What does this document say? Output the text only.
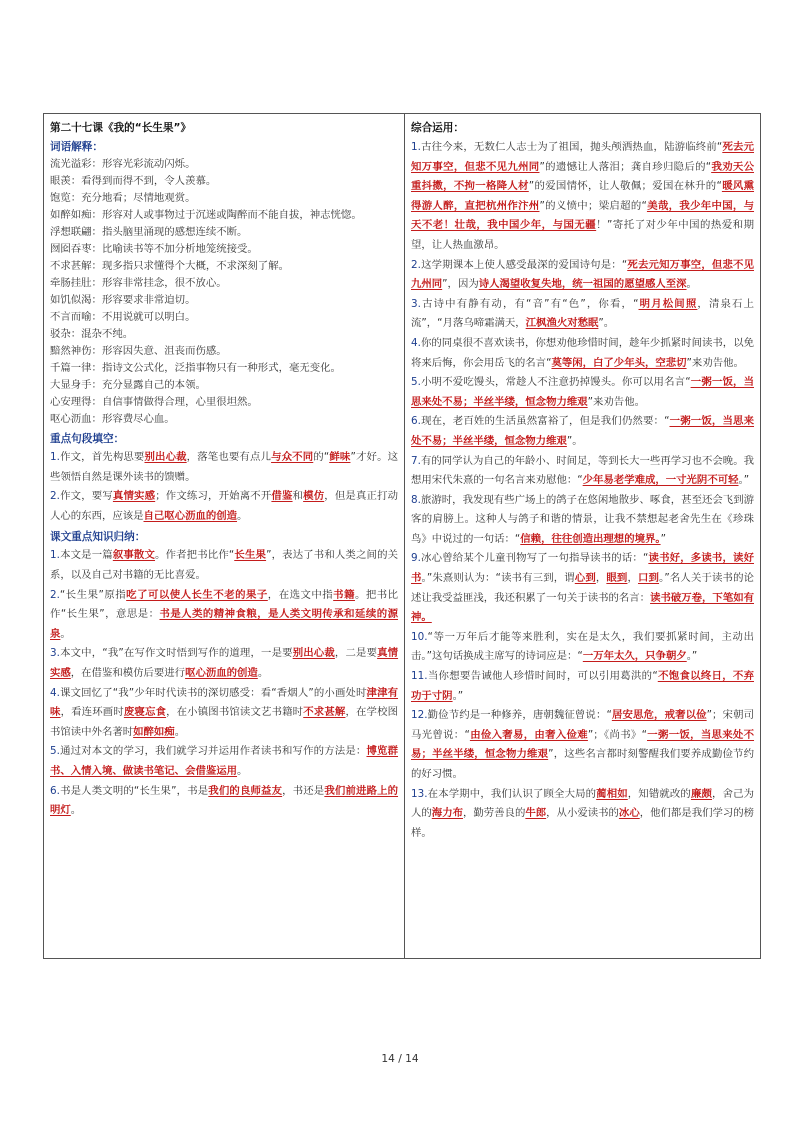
第二十七课《我的“长生果”》
词语解释：
流光溢彩：形容光彩流动闪烁。
眼羡：看得到而得不到，令人羡慕。
饱览：充分地看；尽情地观赏。
如醉如痴：形容对人或事物过于沉迷或陶醉而不能自拔，神志恍惚。
浮想联翩：指头脑里涌现的感想连续不断。
囫囵吞枣：比喻读书等不加分析地笼统接受。
不求甚解：现多指只求懂得个大概，不求深刻了解。
牵肠挂肚：形容非常挂念，很不放心。
如饥似渴：形容要求非常迫切。
不言而喻：不用说就可以明白。
驳杂：混杂不纯。
黯然神伤：形容因失意、沮丧而伤感。
千篇一律：指诗文公式化，泛指事物只有一种形式，毫无变化。
大显身手：充分显露自己的本领。
心安理得：自信事情做得合理，心里很坦然。
呕心沥血：形容费尽心血。
重点句段填空：

1.作文，首先构思要别出心裁，落笔也要有点儿与众不同的“鲜味”才好。这些领悟自然是课外读书的馈赠。

2.作文，要写真情实感；作文练习，开始离不开借鉴和模仿，但是真正打动人心的东西，应该是自己呕心沥血的创造。

课文重点知识归纳：

1.本文是一篇叙事散文。作者把书比作“长生果”，表达了书和人类之间的关系，以及自己对书籍的无比喜爱。

2.“长生果”原指吃了可以使人长生不老的果子，在选文中指书籍。把书比作“长生果”，意思是：书是人类的精神食粮，是人类文明传承和延续的源泉。

3.本文中，“我”在写作文时悟到写作的道理，一是要别出心裁，二是要真情实感，在借鉴和模仿后要进行呕心沥血的创造。

4.课文回忆了“我”少年时代读书的深切感受：看“香烟人”的小画处时津津有味，看连环画时废寝忘食，在小镇图书馆读文艺书籍时不求甚解，在学校图书馆读中外名著时如醉如痴。

5.通过对本文的学习，我们就学习并运用作者读书和写作的方法是：博览群书、入情入境、做读书笔记、会借鉴运用。

6.书是人类文明的“长生果”，书是我们的良师益友，书还是我们前进路上的明灯。

综合运用：

1.古往今来，无数仁人志士为了祖国，抛头颅洒热血，陆游临终前“死去元知万事空，但悲不见九州同”的遗憾让人落泪；龚自珍归隐后的“我劝天公重抖擞，不拘一格降人材”的爱国情怀，让人敬佩；爱国在林升的“暖风熏得游人醉，直把杭州作汴州”的义愤中；梁启超的“美哉，我少年中国，与天不老！壮哉，我中国少年，与国无疆！”寄托了对少年中国的热爱和期望，让人热血激昂。

2.这学期课本上使人感受最深的爱国诗句是：“死去元知万事空，但悲不见九州同”，因为诗人渴望收复失地，统一祖国的愿望感人至深。

3.古诗中有静有动，有“音”有“色”，你看，“明月松间照，清泉石上流”，“月落乌啼霜满天，江枫渔火对愁眠”。

4.你的同桌很不喜欢读书，你想劝他珍惜时间，趁年少抓紧时间读书，以免将来后悔，你会用岳飞的名言“莫等闲，白了少年头，空悲切”来劝告他。

5.小明不爱吃馒头，常趁人不注意扔掉馒头。你可以用名言“一粥一饭，当思来处不易；半丝半缕，恒念物力维艰”来劝告他。

6.现在，老百姓的生活虽然富裕了，但是我们仍然要：“一粥一饭，当思来处不易；半丝半缕，恒念物力维艰”。

7.有的同学认为自己的年龄小、时间足，等到长大一些再学习也不会晚。我想用宋代朱熹的一句名言来劝慰他：“少年易老学难成，一寸光阴不可轻。”

8.旅游时，我发现有些广场上的鸽子在悠闲地散步、啄食，甚至还会飞到游客的肩膀上。这种人与鸽子和谐的情景，让我不禁想起老舍先生在《珍珠鸟》中说过的一句话：“信赖，往往创造出理想的境界。”

9.冰心曾给某个儿童刊物写了一句指导读书的话：“读书好，多读书，读好书。”朱熹则认为：“读书有三到，谓心到，眼到，口到。”名人关于读书的论述让我受益匪浅，我还积累了一句关于读书的名言：读书破万卷，下笔如有神。

10.“等一万年后才能等来胜利，实在是太久，我们要抓紧时间，主动出击。”这句话换成主席写的诗词应是：“一万年太久，只争朝夕。”

11.当你想要告诫他人珍惜时间时，可以引用葛洪的“不饱食以终日，不弃功于寸阴。”

12.勤俭节约是一种修养，唐朝魏征曾说：“居安思危，戒奢以俭”；宋朝司马光曾说：“由俭入奢易，由奢入俭难”；《尚书》“一粥一饭，当思来处不易；半丝半缕，恒念物力维艰”，这些名言都时刻警醒我们要养成勤俭节约的好习惯。

13.在本学期中，我们认识了顾全大局的蔺相如，知错就改的廉颇，舍己为人的海力布，勤劳善良的牛郎，从小爱读书的冰心，他们都是我们学习的榜样。

14 / 14
